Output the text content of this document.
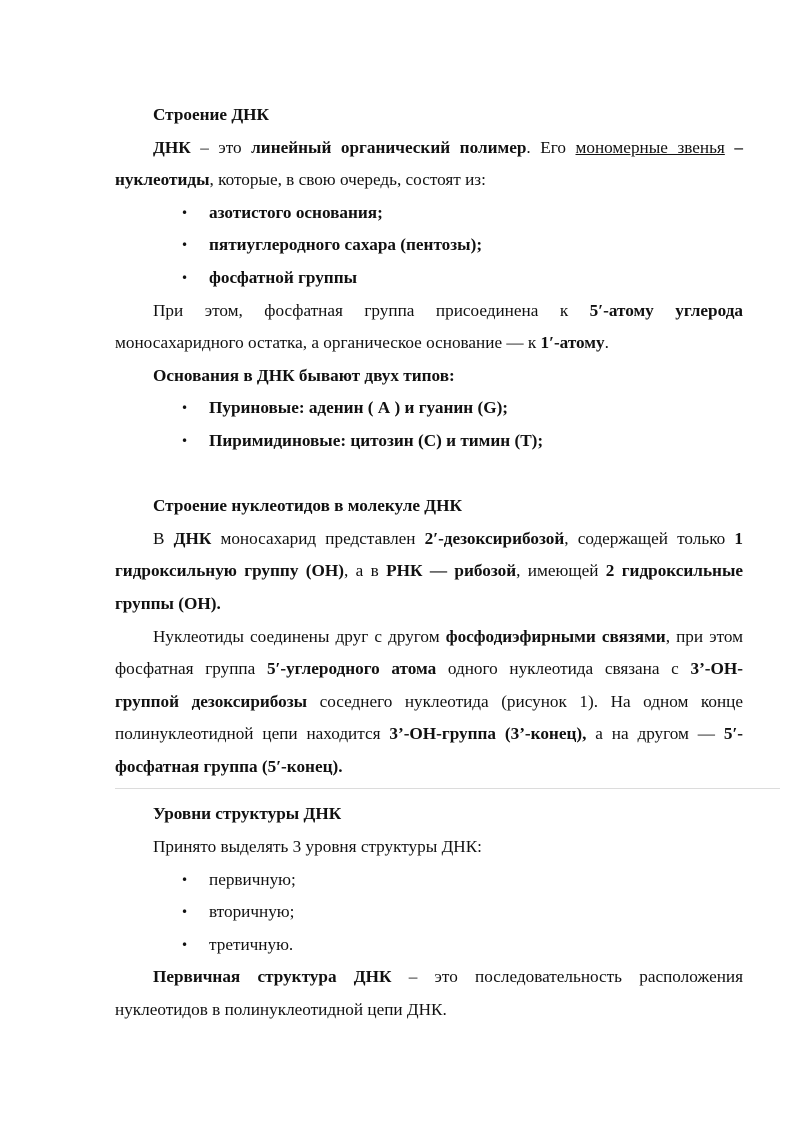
Строение ДНК
ДНК – это линейный органический полимер. Его мономерные звенья – нуклеотиды, которые, в свою очередь, состоят из:
• азотистого основания;
• пятиуглеродного сахара (пентозы);
• фосфатной группы
При этом, фосфатная группа присоединена к 5′-атому углерода моносахаридного остатка, а органическое основание — к 1′-атому.
Основания в ДНК бывают двух типов:
• Пуриновые: аденин ( А ) и гуанин (G);
• Пиримидиновые: цитозин (C) и тимин (T);
Строение нуклеотидов в молекуле ДНК
В ДНК моносахарид представлен 2′-дезоксирибозой, содержащей только 1 гидроксильную группу (ОН), а в РНК — рибозой, имеющей 2 гидроксильные группы (ОН).
Нуклеотиды соединены друг с другом фосфодиэфирными связями, при этом фосфатная группа 5′-углеродного атома одного нуклеотида связана с 3’-ОН-группой дезоксирибозы соседнего нуклеотида (рисунок 1). На одном конце полинуклеотидной цепи находится 3’-ОН-группа (3’-конец), а на другом — 5′-фосфатная группа (5′-конец).
Уровни структуры ДНК
Принято выделять 3 уровня структуры ДНК:
• первичную;
• вторичную;
• третичную.
Первичная структура ДНК – это последовательность расположения нуклеотидов в полинуклеотидной цепи ДНК.
